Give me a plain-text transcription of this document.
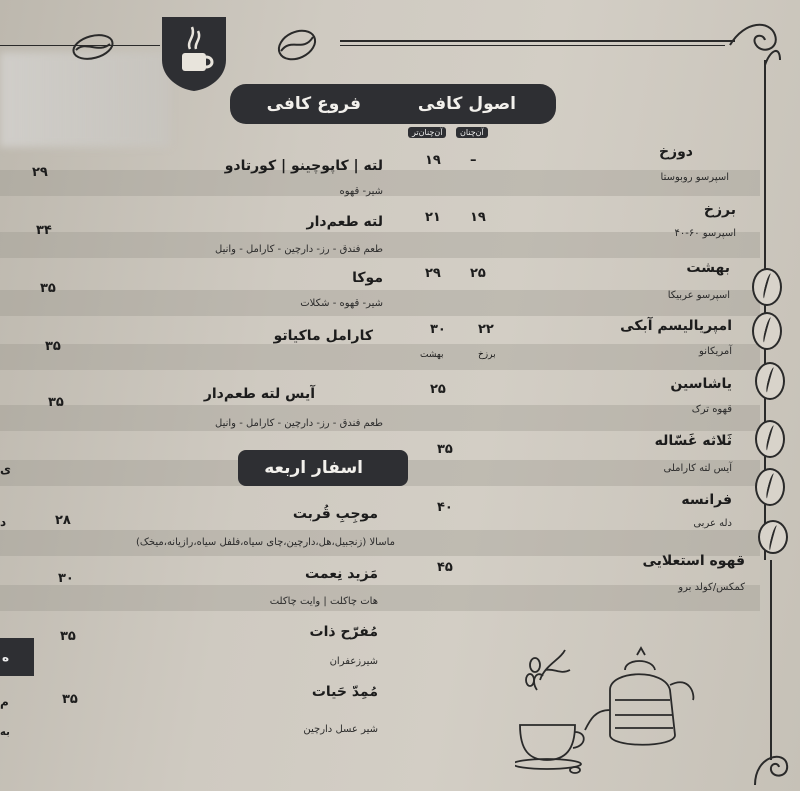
اصول کافی
فروع کافی
اسفار اربعه
آن‌چنان‌تر	آن‌چنان
دوزخ
اسپرسو روبوستا
–
۱۹
برزخ
اسپرسو ۶۰-۴۰
۱۹
۲۱
بهشت
اسپرسو عربیکا
۲۵
۲۹
امپریالیسم آبکی
آمریکانو
۲۲
۳۰
برزخ
بهشت
یاشاسین
قهوه ترک
۲۵
ثَلاثه غَسّاله
آیس لته کاراملی
۳۵
فرانسه
دله عربی
۴۰
قهوه استعلایی
کمکس/کولد برو
۴۵
لته | کاپوچینو | کورتادو
شیر- قهوه
۲۹
لته طعم‌دار
طعم فندق - رز- دارچین - کارامل - وانیل
۳۴
موکا
شیر- قهوه - شکلات
۳۵
کارامل ماکیاتو
۳۵
آیس لته طعم‌دار
طعم فندق - رز- دارچین - کارامل - وانیل
۳۵
موجِبِ قُربت
ماسالا (زنجبیل،هل،دارچین،چای سیاه،فلفل سیاه،رازیانه،میخک)
۲۸
مَزید نِعمت
هات چاکلت | وایت چاکلت
۳۰
مُفرّح ذات
شیرزعفران
۳۵
مُمِدّ حَیات
شیر عسل دارچین
۳۵
ی
د
ه
م
به
